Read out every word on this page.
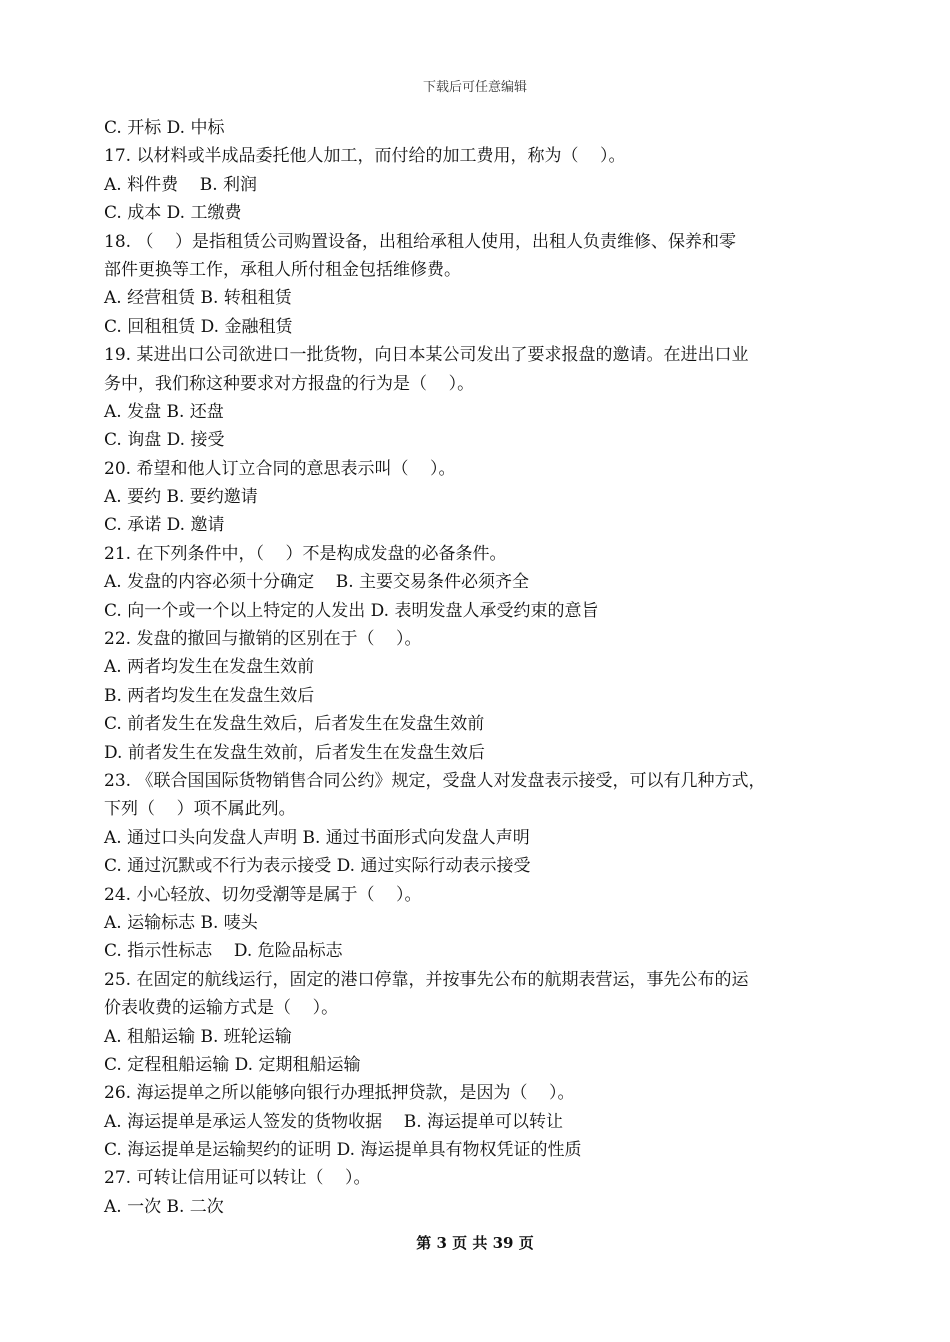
下载后可任意编辑
C. 开标 D. 中标
17. 以材料或半成品委托他人加工，而付给的加工费用，称为（    ）。
A. 料件费    B. 利润
C. 成本 D. 工缴费
18. （    ）是指租赁公司购置设备，出租给承租人使用，出租人负责维修、保养和零
部件更换等工作，承租人所付租金包括维修费。
A. 经营租赁 B. 转租租赁
C. 回租租赁 D. 金融租赁
19. 某进出口公司欲进口一批货物，向日本某公司发出了要求报盘的邀请。在进出口业
务中，我们称这种要求对方报盘的行为是（    ）。
A. 发盘 B. 还盘
C. 询盘 D. 接受
20. 希望和他人订立合同的意思表示叫（    ）。
A. 要约 B. 要约邀请
C. 承诺 D. 邀请
21. 在下列条件中，（    ）不是构成发盘的必备条件。
A. 发盘的内容必须十分确定    B. 主要交易条件必须齐全
C. 向一个或一个以上特定的人发出 D. 表明发盘人承受约束的意旨
22. 发盘的撤回与撤销的区别在于（    ）。
A. 两者均发生在发盘生效前
B. 两者均发生在发盘生效后
C. 前者发生在发盘生效后，后者发生在发盘生效前
D. 前者发生在发盘生效前，后者发生在发盘生效后
23. 《联合国国际货物销售合同公约》规定，受盘人对发盘表示接受，可以有几种方式，
下列（    ）项不属此列。
A. 通过口头向发盘人声明 B. 通过书面形式向发盘人声明
C. 通过沉默或不行为表示接受 D. 通过实际行动表示接受
24. 小心轻放、切勿受潮等是属于（    ）。
A. 运输标志 B. 唛头
C. 指示性标志    D. 危险品标志
25. 在固定的航线运行，固定的港口停靠，并按事先公布的航期表营运，事先公布的运
价表收费的运输方式是（    ）。
A. 租船运输 B. 班轮运输
C. 定程租船运输 D. 定期租船运输
26. 海运提单之所以能够向银行办理抵押贷款，是因为（    ）。
A. 海运提单是承运人签发的货物收据    B. 海运提单可以转让
C. 海运提单是运输契约的证明 D. 海运提单具有物权凭证的性质
27. 可转让信用证可以转让（    ）。
A. 一次 B. 二次
第 3 页 共 39 页
